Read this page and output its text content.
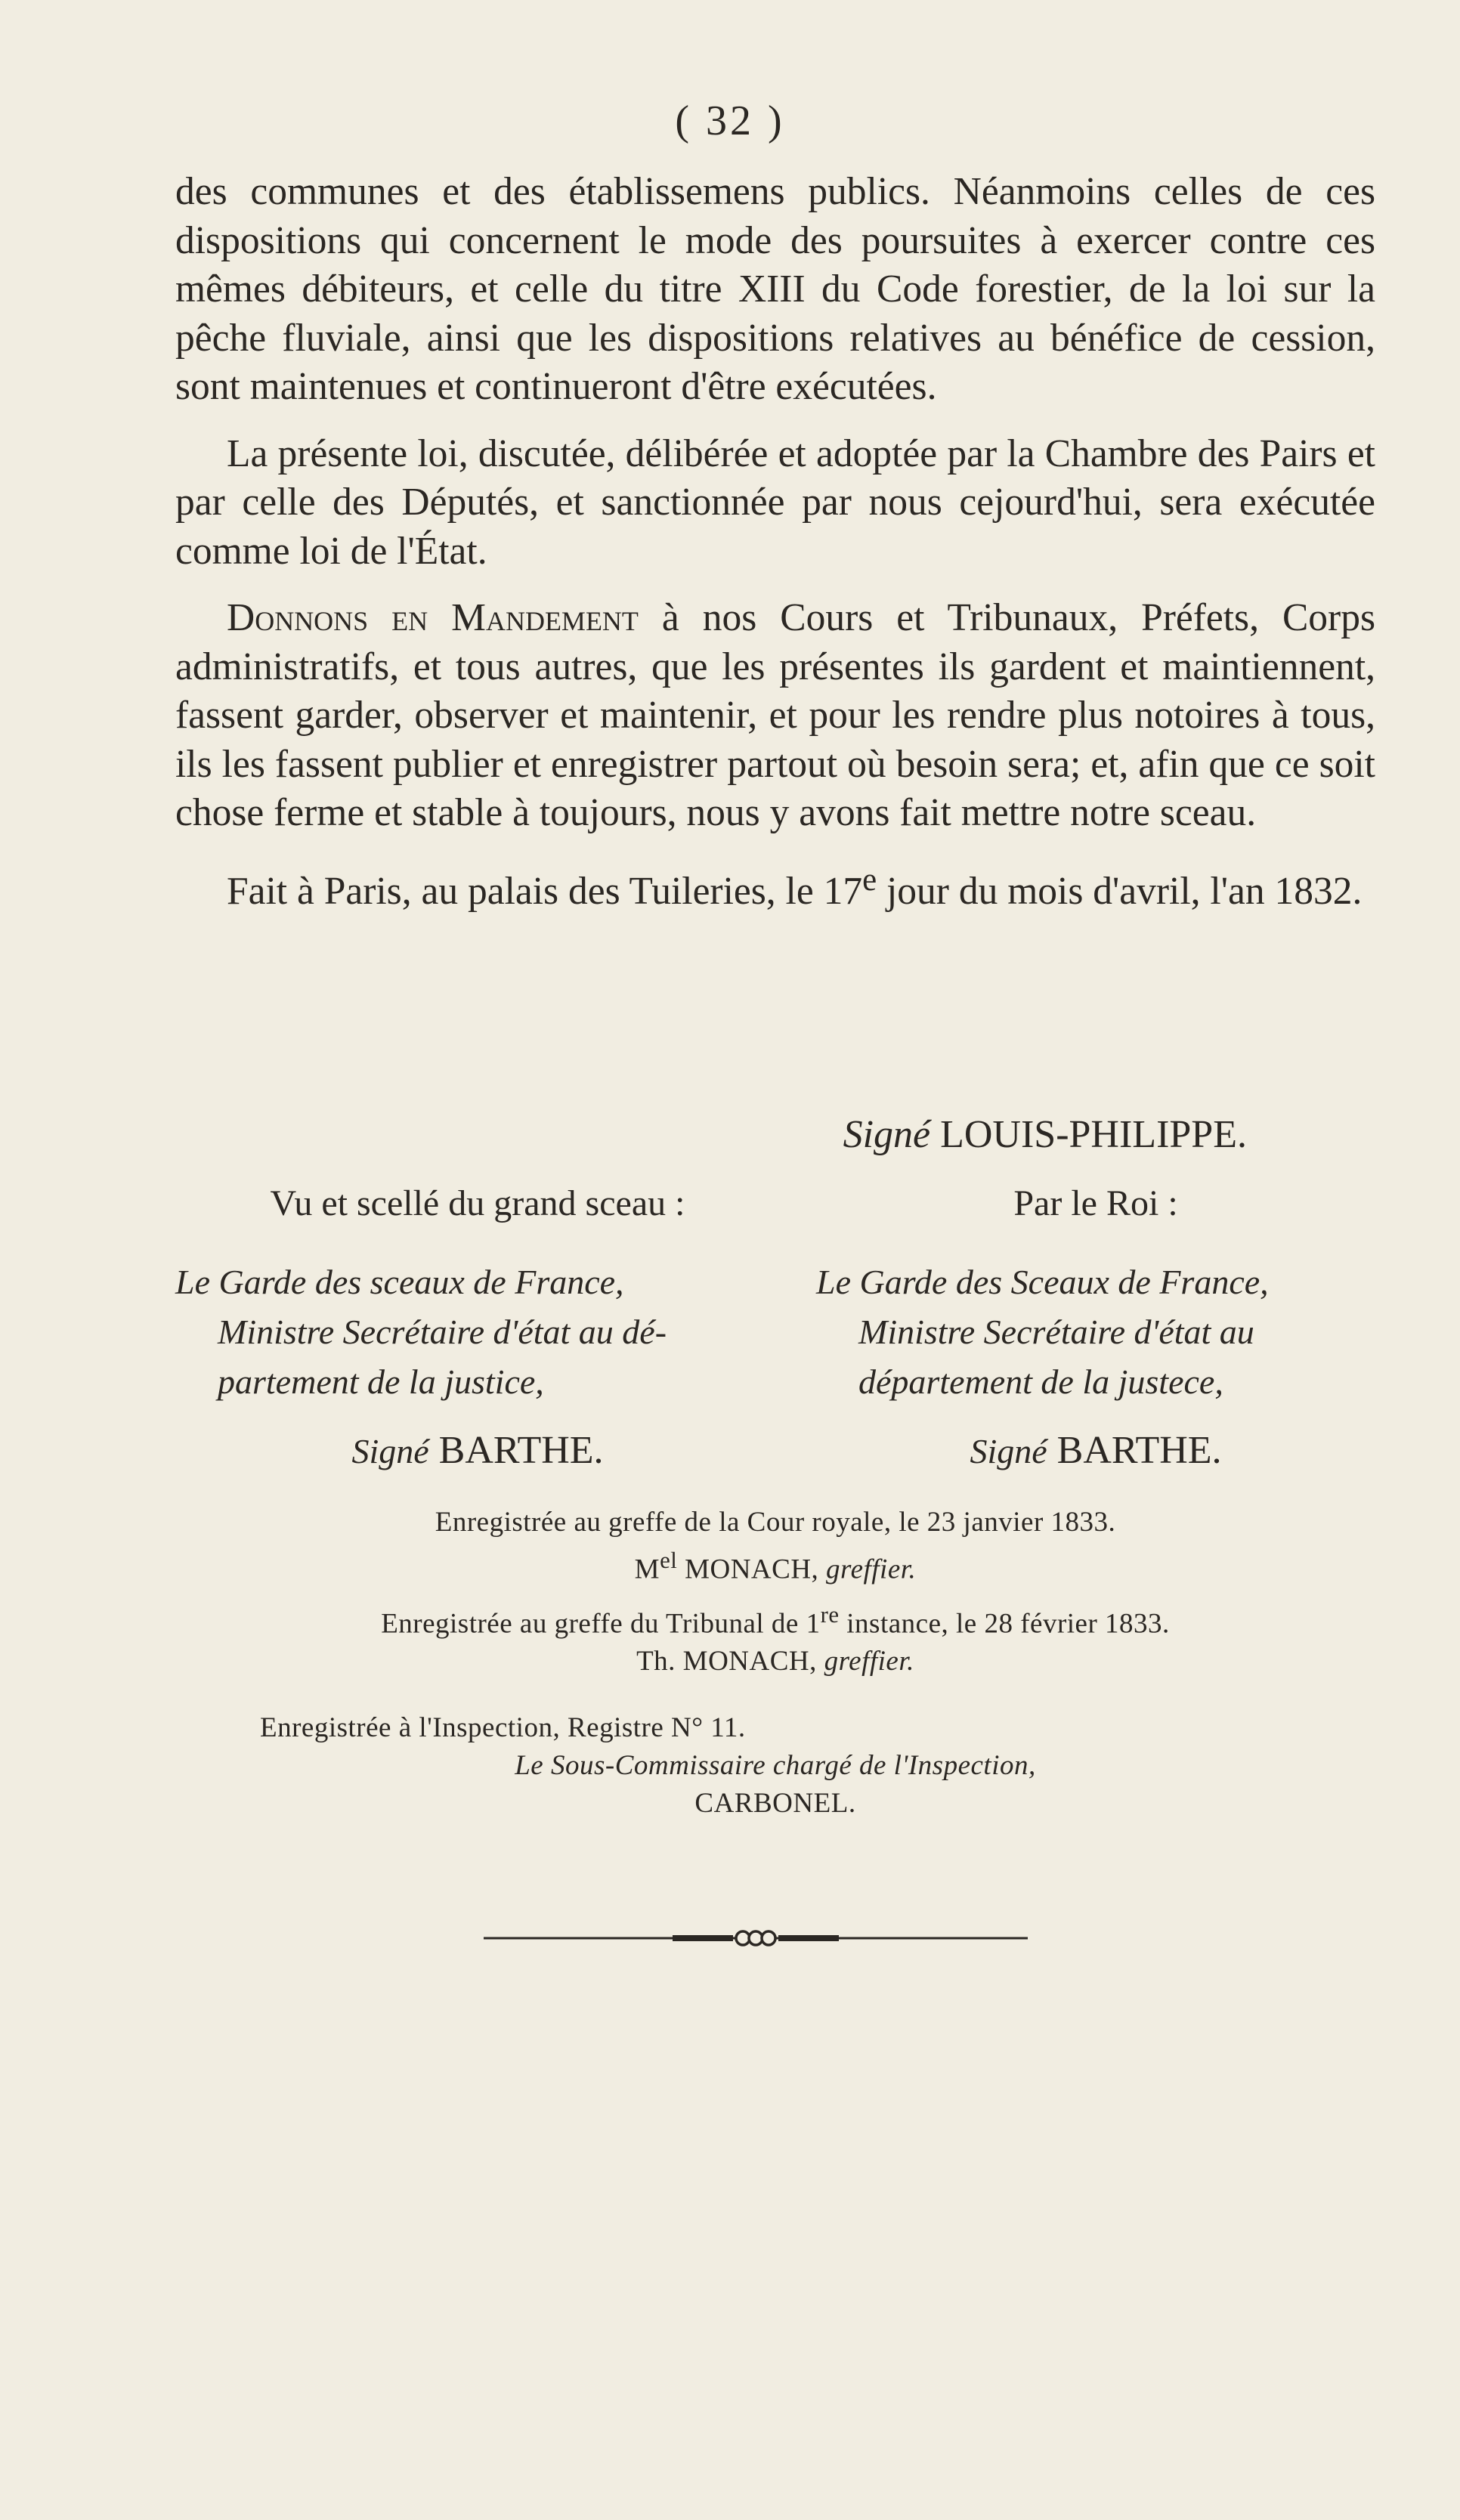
( 32 )

des communes et des établissemens publics. Néanmoins celles de ces dispositions qui concernent le mode des poursuites à exercer contre ces mêmes débiteurs, et celle du titre XIII du Code forestier, de la loi sur la pêche fluviale, ainsi que les dispositions relatives au bénéfice de cession, sont maintenues et continueront d'être exécutées.

La présente loi, discutée, délibérée et adoptée par la Chambre des Pairs et par celle des Députés, et sanctionnée par nous cejourd'hui, sera exécutée comme loi de l'État.

Donnons en Mandement à nos Cours et Tribunaux, Préfets, Corps administratifs, et tous autres, que les présentes ils gardent et maintiennent, fassent garder, observer et maintenir, et pour les rendre plus notoires à tous, ils les fassent publier et enregistrer partout où besoin sera; et, afin que ce soit chose ferme et stable à toujours, nous y avons fait mettre notre sceau.

Fait à Paris, au palais des Tuileries, le 17e jour du mois d'avril, l'an 1832.

Signé LOUIS-PHILIPPE.
Vu et scellé du grand sceau :	Par le Roi :
Le Garde des sceaux de France,
Ministre Secrétaire d'état au dé-
partement de la justice,
Le Garde des Sceaux de France,
Ministre Secrétaire d'état au
département de la justece,
Signé BARTHE.	Signé BARTHE.
Enregistrée au greffe de la Cour royale, le 23 janvier 1833.
$M^{el}$ MONACH, greffier.
Enregistrée au greffe du Tribunal de 1re instance, le 28 février 1833.
Th. MONACH, greffier.
Enregistrée à l'Inspection, Registre N° 11.
Le Sous-Commissaire chargé de l'Inspection,
CARBONEL.
